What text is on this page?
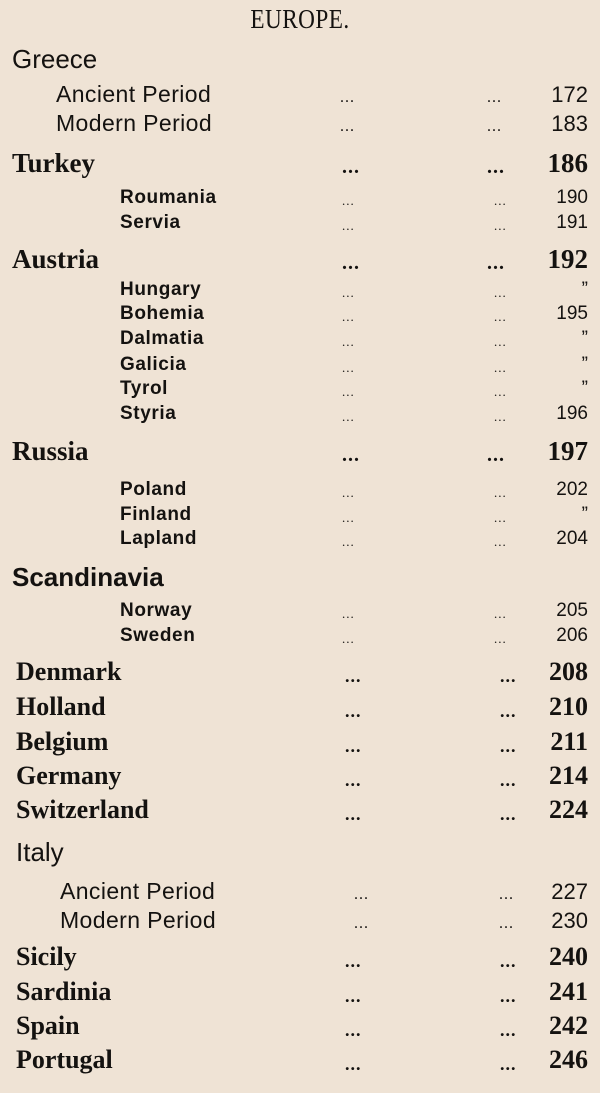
EUROPE.
Greece
Ancient Period	...	... 172
Modern Period	...	... 183
Turkey	...	... 186
Roumania	...	...	190
Servia	...	...	191
Austria	...	... 192
Hungary	...	...	”
Bohemia	...	...	195
Dalmatia	...	...	”
Galicia	...	...	”
Tyrol	...	...	”
Styria	...	...	196
Russia	...	... 197
Poland	...	...	202
Finland	...	...	”
Lapland	...	...	204
Scandinavia
Norway	...	...	205
Sweden	...	...	206
Denmark	...	... 208
Holland	...	... 210
Belgium	...	... 211
Germany	...	... 214
Switzerland	...	... 224
Italy
Ancient Period	...	... 227
Modern Period	...	... 230
Sicily	...	... 240
Sardinia	...	... 241
Spain	...	... 242
Portugal	...	... 246
